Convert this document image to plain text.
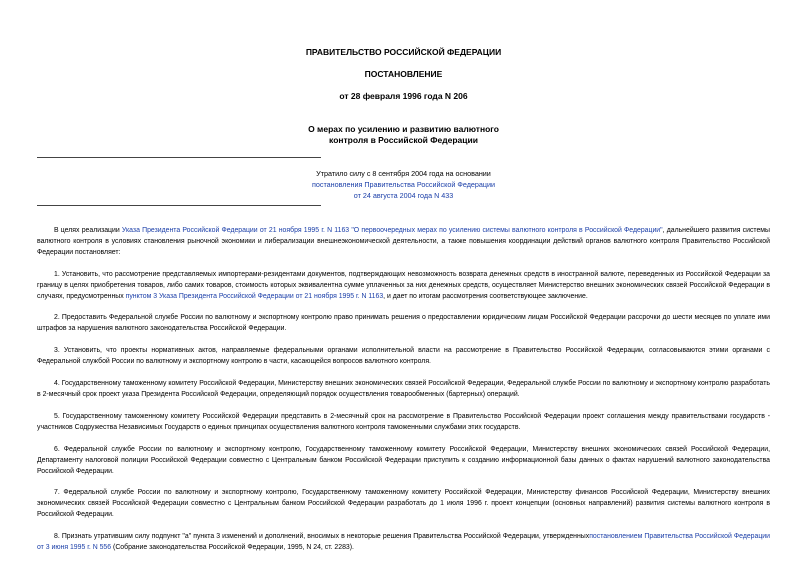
ПРАВИТЕЛЬСТВО РОССИЙСКОЙ ФЕДЕРАЦИИ
ПОСТАНОВЛЕНИЕ
от 28 февраля 1996 года N 206
О мерах по усилению и развитию валютного
контроля в Российской Федерации
Утратило силу с 8 сентября 2004 года на основании
постановления Правительства Российской Федерации
от 24 августа 2004 года N 433

В целях реализации Указа Президента Российской Федерации от 21 ноября 1995 г. N 1163 "О первоочередных мерах по усилению системы валютного контроля в Российской Федерации", дальнейшего развития системы валютного контроля в условиях становления рыночной экономики и либерализации внешнеэкономической деятельности, а также повышения координации действий органов валютного контроля Правительство Российской Федерации постановляет:

1. Установить, что рассмотрение представляемых импортерами-резидентами документов, подтверждающих невозможность возврата денежных средств в иностранной валюте, переведенных из Российской Федерации за границу в целях приобретения товаров, либо самих товаров, стоимость которых эквивалентна сумме уплаченных за них денежных средств, осуществляет Министерство внешних экономических связей Российской Федерации в случаях, предусмотренных пунктом 3 Указа Президента Российской Федерации от 21 ноября 1995 г. N 1163, и дает по итогам рассмотрения соответствующее заключение.

2. Предоставить Федеральной службе России по валютному и экспортному контролю право принимать решения о предоставлении юридическим лицам Российской Федерации рассрочки до шести месяцев по уплате ими штрафов за нарушения валютного законодательства Российской Федерации.

3. Установить, что проекты нормативных актов, направляемые федеральными органами исполнительной власти на рассмотрение в Правительство Российской Федерации, согласовываются этими органами с Федеральной службой России по валютному и экспортному контролю в части, касающейся вопросов валютного контроля.

4. Государственному таможенному комитету Российской Федерации, Министерству внешних экономических связей Российской Федерации, Федеральной службе России по валютному и экспортному контролю разработать в 2-месячный срок проект указа Президента Российской Федерации, определяющий порядок осуществления товарообменных (бартерных) операций.

5. Государственному таможенному комитету Российской Федерации представить в 2-месячный срок на рассмотрение в Правительство Российской Федерации проект соглашения между правительствами государств - участников Содружества Независимых Государств о единых принципах осуществления валютного контроля таможенными службами этих государств.

6. Федеральной службе России по валютному и экспортному контролю, Государственному таможенному комитету Российской Федерации, Министерству внешних экономических связей Российской Федерации, Департаменту налоговой полиции Российской Федерации совместно с Центральным банком Российской Федерации приступить к созданию информационной базы данных о фактах нарушений валютного законодательства Российской Федерации.

7. Федеральной службе России по валютному и экспортному контролю, Государственному таможенному комитету Российской Федерации, Министерству финансов Российской Федерации, Министерству внешних экономических связей Российской Федерации совместно с Центральным банком Российской Федерации разработать до 1 июля 1996 г. проект концепции (основных направлений) развития системы валютного контроля в Российской Федерации.

8. Признать утратившим силу подпункт "а" пункта 3 изменений и дополнений, вносимых в некоторые решения Правительства Российской Федерации, утвержденныхпостановлением Правительства Российской Федерации от 3 июня 1995 г. N 556 (Собрание законодательства Российской Федерации, 1995, N 24, ст. 2283).
